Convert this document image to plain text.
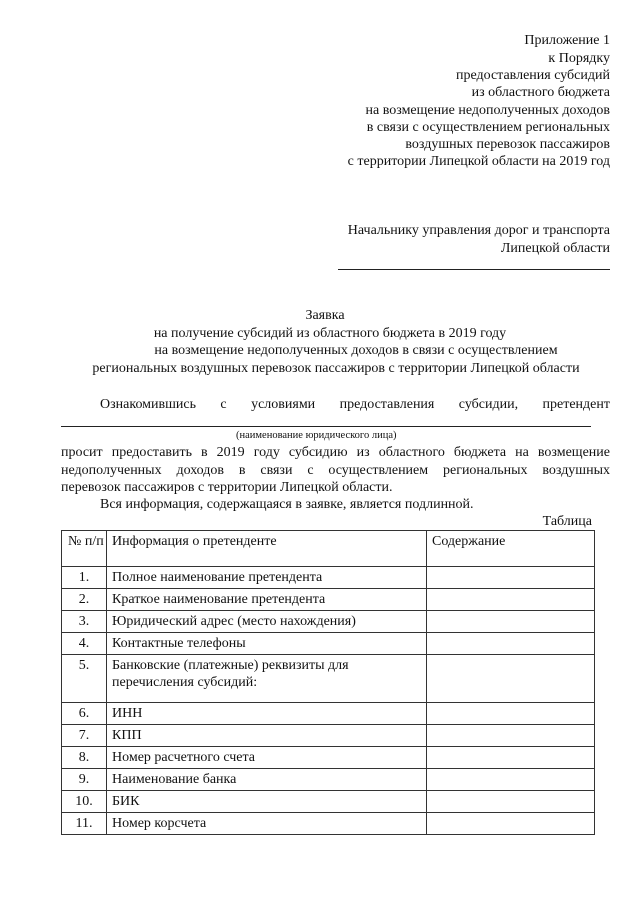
Приложение 1
к Порядку
предоставления субсидий
из областного бюджета
на возмещение недополученных доходов
в связи с осуществлением региональных
воздушных перевозок пассажиров
с территории Липецкой области на 2019 год
Начальнику управления дорог и транспорта
Липецкой области
Заявка
на получение субсидий из областного бюджета в 2019 году
на возмещение недополученных доходов в связи с осуществлением
региональных воздушных перевозок пассажиров с территории Липецкой области
Ознакомившись с условиями предоставления субсидии, претендент
(наименование юридического лица)
просит предоставить в 2019 году субсидию из областного бюджета на возмещение
недополученных доходов в связи с осуществлением региональных воздушных
перевозок пассажиров с территории Липецкой области.
Вся информация, содержащаяся в заявке, является подлинной.
Таблица
№ п/п	Информация о претенденте	Содержание
1.	Полное наименование претендента	
2.	Краткое наименование претендента	
3.	Юридический адрес (место нахождения)	
4.	Контактные телефоны	
5.	Банковские (платежные) реквизиты для перечисления субсидий:	
6.	ИНН	
7.	КПП	
8.	Номер расчетного счета	
9.	Наименование банка	
10.	БИК	
11.	Номер корсчета	
